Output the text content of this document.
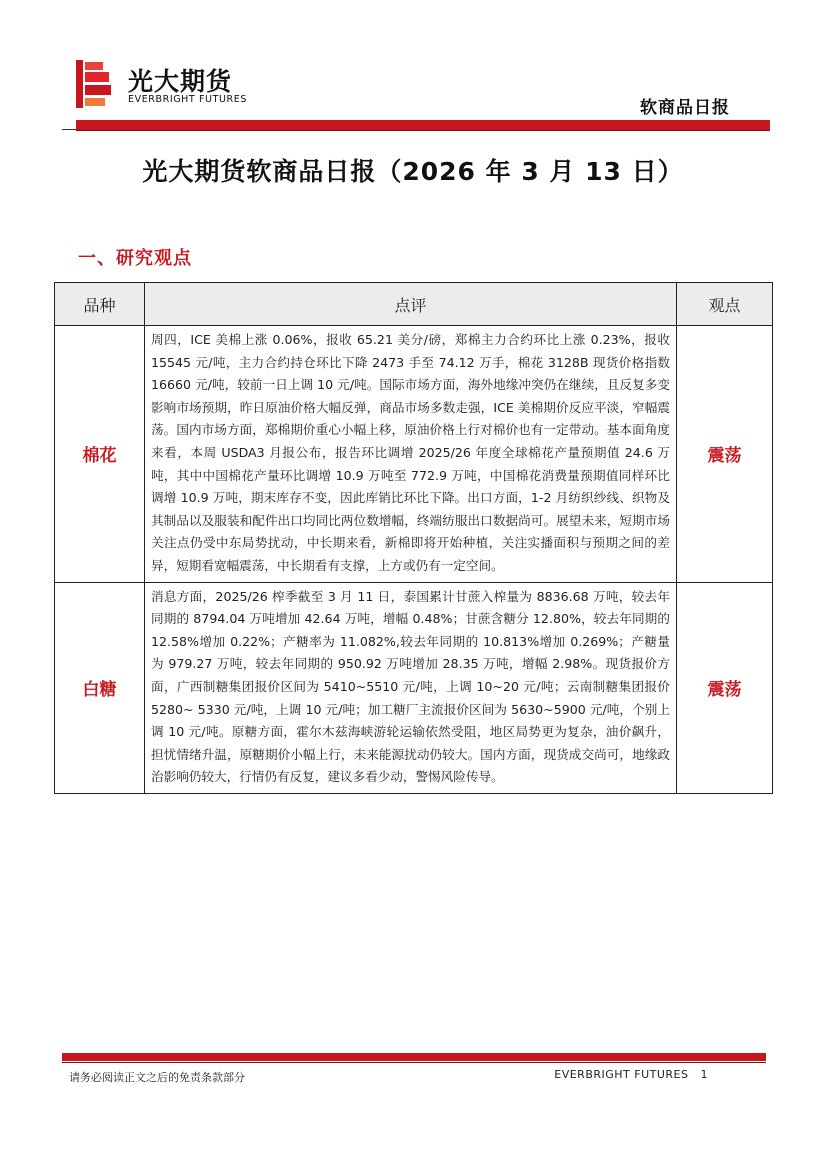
光大期货
EVERBRIGHT FUTURES	软商品日报
光大期货软商品日报（2026 年 3 月 13 日）
一、研究观点
品种	点评	观点
棉花	周四，ICE 美棉上涨 0.06%，报收 65.21 美分/磅，郑棉主力合约环比上涨 0.23%，报收 15545 元/吨，主力合约持仓环比下降 2473 手至 74.12 万手，棉花 3128B 现货价格指数 16660 元/吨，较前一日上调 10 元/吨。国际市场方面，海外地缘冲突仍在继续，且反复多变影响市场预期，昨日原油价格大幅反弹，商品市场多数走强，ICE 美棉期价反应平淡，窄幅震荡。国内市场方面，郑棉期价重心小幅上移，原油价格上行对棉价也有一定带动。基本面角度来看，本周 USDA3 月报公布，报告环比调增 2025/26 年度全球棉花产量预期值 24.6 万吨，其中中国棉花产量环比调增 10.9 万吨至 772.9 万吨，中国棉花消费量预期值同样环比调增 10.9 万吨，期末库存不变，因此库销比环比下降。出口方面，1-2 月纺织纱线、织物及其制品以及服装和配件出口均同比两位数增幅，终端纺服出口数据尚可。展望未来，短期市场关注点仍受中东局势扰动，中长期来看，新棉即将开始种植，关注实播面积与预期之间的差异，短期看宽幅震荡，中长期看有支撑，上方或仍有一定空间。	震荡
白糖	消息方面，2025/26 榨季截至 3 月 11 日，泰国累计甘蔗入榨量为 8836.68 万吨，较去年同期的 8794.04 万吨增加 42.64 万吨，增幅 0.48%；甘蔗含糖分 12.80%，较去年同期的 12.58%增加 0.22%；产糖率为 11.082%,较去年同期的 10.813%增加 0.269%；产糖量为 979.27 万吨，较去年同期的 950.92 万吨增加 28.35 万吨，增幅 2.98%。现货报价方面，广西制糖集团报价区间为 5410~5510 元/吨，上调 10~20 元/吨；云南制糖集团报价 5280~ 5330 元/吨，上调 10 元/吨；加工糖厂主流报价区间为 5630~5900 元/吨，个别上调 10 元/吨。原糖方面，霍尔木兹海峡游轮运输依然受阻，地区局势更为复杂，油价飙升，担忧情绪升温，原糖期价小幅上行，未来能源扰动仍较大。国内方面，现货成交尚可，地缘政治影响仍较大，行情仍有反复，建议多看少动，警惕风险传导。	震荡
请务必阅读正文之后的免责条款部分	EVERBRIGHT FUTURES 1
